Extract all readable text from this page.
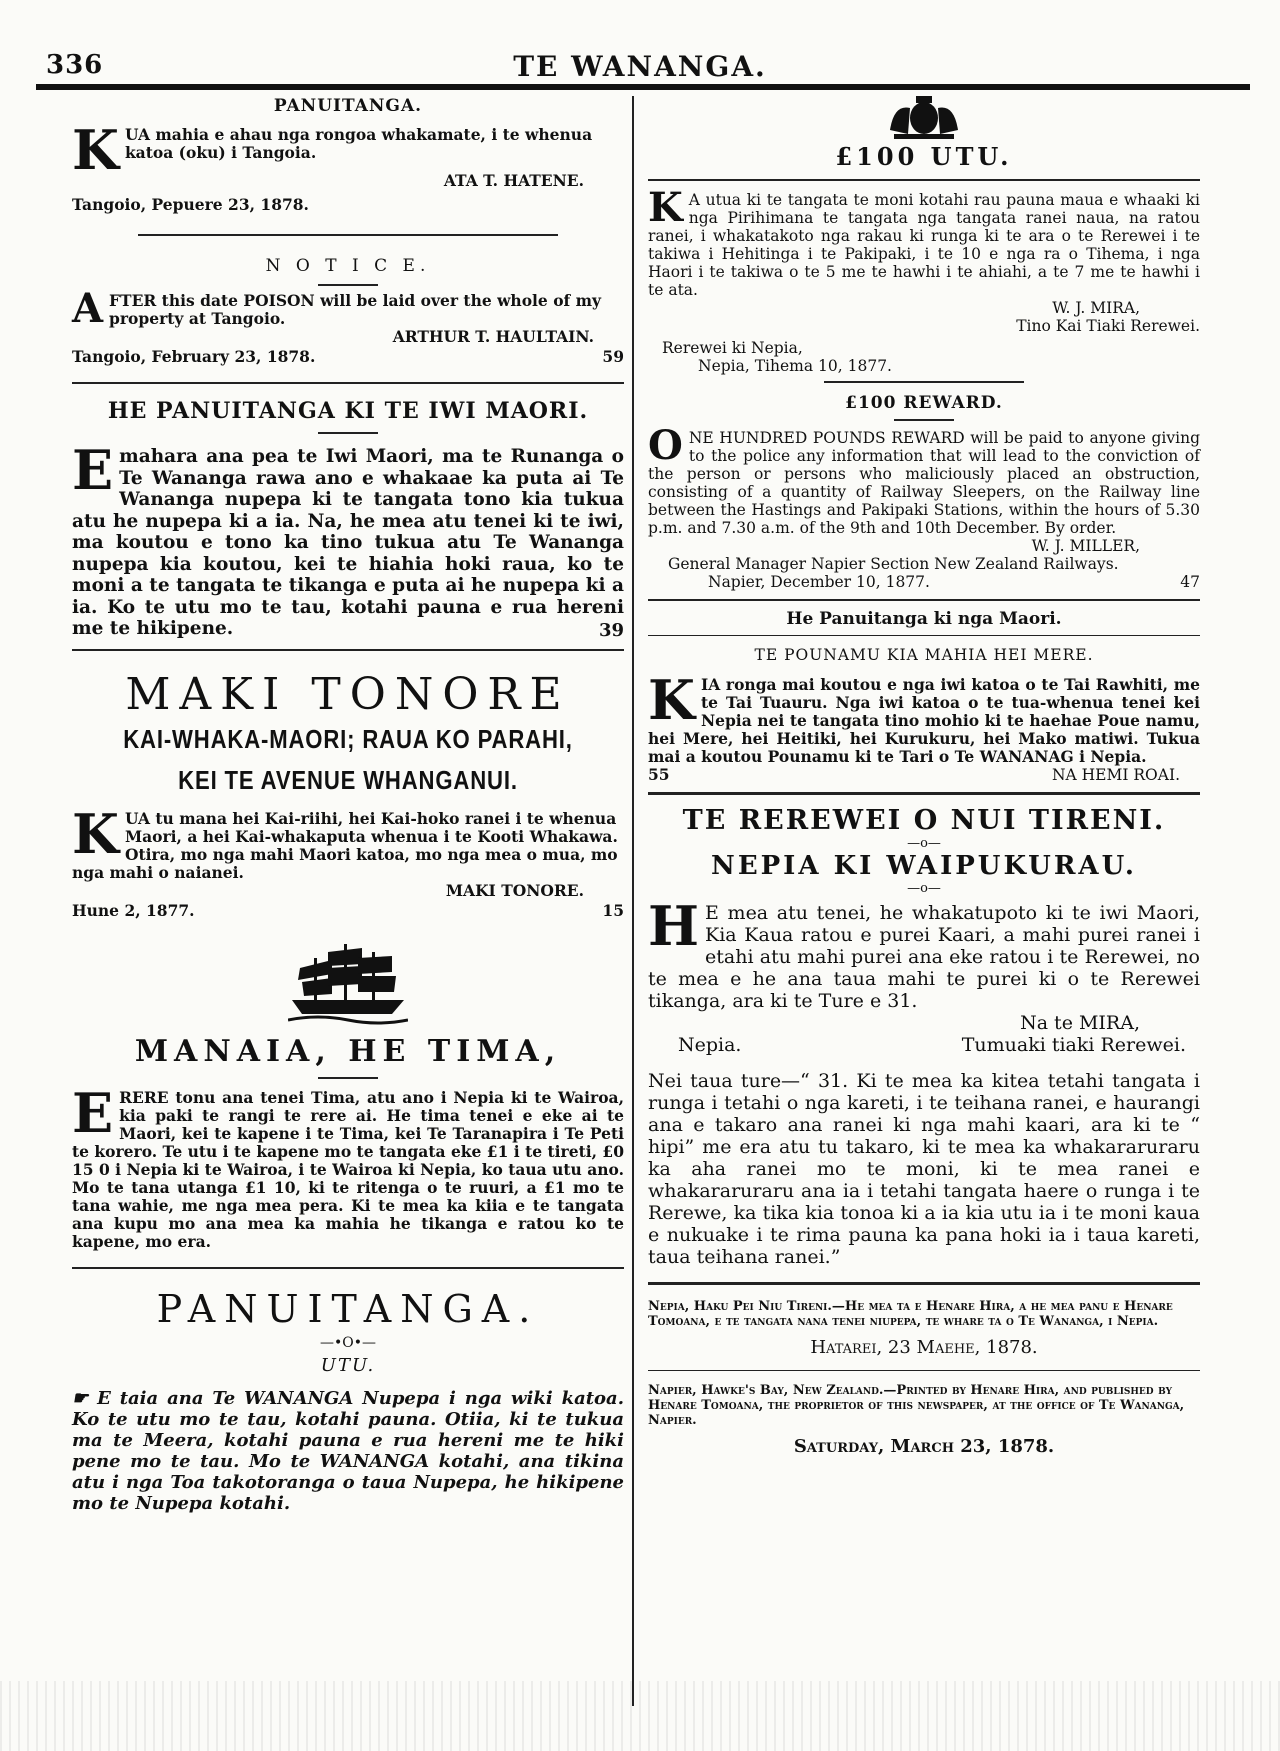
336	TE WANANGA.
PANUITANGA.

K UA mahia e ahau nga rongoa whakamate, i te whenua katoa (oku) i Tangoia.

ATA T. HATENE.
Tangoio, Pepuere 23, 1878.
N O T I C E.

A FTER this date POISON will be laid over the whole of my property at Tangoio.

ARTHUR T. HAULTAIN.
Tangoio, February 23, 1878.	59
HE PANUITANGA KI TE IWI MAORI.

E mahara ana pea te Iwi Maori, ma te Runanga o Te Wananga rawa ano e whakaae ka puta ai Te Wananga nupepa ki te tangata tono kia tukua atu he nupepa ki a ia. Na, he mea atu tenei ki te iwi, ma koutou e tono ka tino tukua atu Te Wananga nupepa kia koutou, kei te hiahia hoki raua, ko te moni a te tangata te tikanga e puta ai he nupepa ki a ia. Ko te utu mo te tau, kotahi pauna e rua hereni me te hikipene.	39
MAKI TONORE
KAI-WHAKA-MAORI; RAUA KO PARAHI,
KEI TE AVENUE WHANGANUI.

K UA tu mana hei Kai-riihi, hei Kai-hoko ranei i te whenua Maori, a hei Kai-whakaputa whenua i te Kooti Whakawa. Otira, mo nga mahi Maori katoa, mo nga mea o mua, mo nga mahi o naianei.

MAKI TONORE.
Hune 2, 1877.	15
MANAIA, HE TIMA,

E RERE tonu ana tenei Tima, atu ano i Nepia ki te Wairoa, kia paki te rangi te rere ai. He tima tenei e eke ai te Maori, kei te kapene i te Tima, kei Te Taranapira i Te Peti te korero. Te utu i te kapene mo te tangata eke £1 i te tireti, £0 15 0 i Nepia ki te Wairoa, i te Wairoa ki Nepia, ko taua utu ano. Mo te tana utanga £1 10, ki te ritenga o te ruuri, a £1 mo te tana wahie, me nga mea pera. Ki te mea ka kiia e te tangata ana kupu mo ana mea ka mahia he tikanga e ratou ko te kapene, mo era.

PANUITANGA.
—•O•—
UTU.

☛ E taia ana Te WANANGA Nupepa i nga wiki katoa. Ko te utu mo te tau, kotahi pauna. Otiia, ki te tukua ma te Meera, kotahi pauna e rua hereni me te hiki pene mo te tau. Mo te WANANGA kotahi, ana tikina atu i nga Toa takotoranga o taua Nupepa, he hikipene mo te Nupepa kotahi.

£100 UTU.

K A utua ki te tangata te moni kotahi rau pauna maua e whaaki ki nga Pirihimana te tangata nga tangata ranei naua, na ratou ranei, i whakatakoto nga rakau ki runga ki te ara o te Rerewei i te takiwa i Hehitinga i te Pakipaki, i te 10 e nga ra o Tihema, i nga Haori i te takiwa o te 5 me te hawhi i te ahiahi, a te 7 me te hawhi i te ata.

W. J. MIRA,
Tino Kai Tiaki Rerewei.
Rerewei ki Nepia,
Nepia, Tihema 10, 1877.
£100 REWARD.

O NE HUNDRED POUNDS REWARD will be paid to anyone giving to the police any information that will lead to the conviction of the person or persons who maliciously placed an obstruction, consisting of a quantity of Railway Sleepers, on the Railway line between the Hastings and Pakipaki Stations, within the hours of 5.30 p.m. and 7.30 a.m. of the 9th and 10th December. By order.

W. J. MILLER,
General Manager Napier Section New Zealand Railways.
Napier, December 10, 1877.	47
He Panuitanga ki nga Maori.
TE POUNAMU KIA MAHIA HEI MERE.

K IA ronga mai koutou e nga iwi katoa o te Tai Rawhiti, me te Tai Tuauru. Nga iwi katoa o te tua-whenua tenei kei Nepia nei te tangata tino mohio ki te haehae Poue namu, hei Mere, hei Heitiki, hei Kurukuru, hei Mako matiwi. Tukua mai a koutou Pounamu ki te Tari o Te WANANAG i Nepia.

55	NA HEMI ROAI.
TE REREWEI O NUI TIRENI.
—o—
NEPIA KI WAIPUKURAU.
—o—

H E mea atu tenei, he whakatupoto ki te iwi Maori, Kia Kaua ratou e purei Kaari, a mahi purei ranei i etahi atu mahi purei ana eke ratou i te Rerewei, no te mea e he ana taua mahi te purei ki o te Rerewei tikanga, ara ki te Ture e 31.

Na te MIRA,
Nepia.	Tumuaki tiaki Rerewei.

Nei taua ture—“ 31. Ki te mea ka kitea tetahi tangata i runga i tetahi o nga kareti, i te teihana ranei, e haurangi ana e takaro ana ranei ki nga mahi kaari, ara ki te “ hipi” me era atu tu takaro, ki te mea ka whakararuraru ka aha ranei mo te moni, ki te mea ranei e whakararuraru ana ia i tetahi tangata haere o runga i te Rerewe, ka tika kia tonoa ki a ia kia utu ia i te moni kaua e nukuake i te rima pauna ka pana hoki ia i taua kareti, taua teihana ranei.”

Nepia, Haku Pei Niu Tireni.—He mea ta e Henare Hira, a he mea panu e Henare Tomoana, e te tangata nana tenei niupepa, te whare ta o Te Wananga, i Nepia.

Hatarei, 23 Maehe, 1878.

Napier, Hawke's Bay, New Zealand.—Printed by Henare Hira, and published by Henare Tomoana, the proprietor of this newspaper, at the office of Te Wananga, Napier.

Saturday, March 23, 1878.
